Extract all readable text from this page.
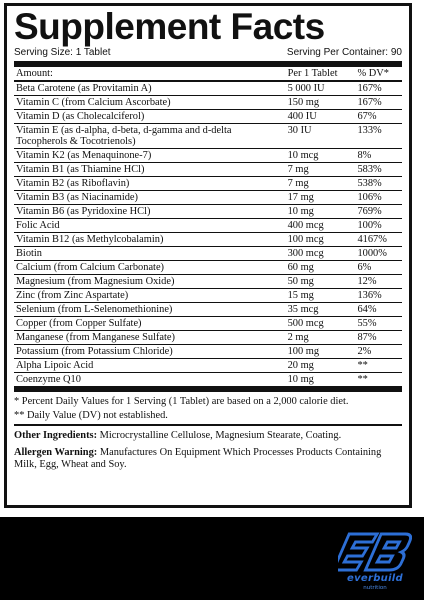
Supplement Facts
Serving Size: 1 Tablet	Serving Per Container: 90
Amount:	Per 1 Tablet	% DV*
Beta Carotene (as Provitamin A)	5 000 IU	167%
Vitamin C (from Calcium Ascorbate)	150 mg	167%
Vitamin D (as Cholecalciferol)	400 IU	67%
Vitamin E (as d-alpha, d-beta, d-gamma and d-delta Tocopherols & Tocotrienols)	30 IU	133%
Vitamin K2 (as Menaquinone-7)	10 mcg	8%
Vitamin B1 (as Thiamine HCl)	7 mg	583%
Vitamin B2 (as Riboflavin)	7 mg	538%
Vitamin B3 (as Niacinamide)	17 mg	106%
Vitamin B6 (as Pyridoxine HCl)	10 mg	769%
Folic Acid	400 mcg	100%
Vitamin B12 (as Methylcobalamin)	100 mcg	4167%
Biotin	300 mcg	1000%
Calcium (from Calcium Carbonate)	60 mg	6%
Magnesium (from Magnesium Oxide)	50 mg	12%
Zinc (from Zinc Aspartate)	15 mg	136%
Selenium (from L-Selenomethionine)	35 mcg	64%
Copper (from Copper Sulfate)	500 mcg	55%
Manganese (from Manganese Sulfate)	2 mg	87%
Potassium (from Potassium Chloride)	100 mg	2%
Alpha Lipoic Acid	20 mg	**
Coenzyme Q10	10 mg	**

* Percent Daily Values for 1 Serving (1 Tablet) are based on a 2,000 calorie diet.

** Daily Value (DV) not established.

Other Ingredients: Microcrystalline Cellulose, Magnesium Stearate, Coating.

Allergen Warning: Manufactures On Equipment Which Processes Products Containing Milk, Egg, Wheat and Soy.

everbuild
nutrition
